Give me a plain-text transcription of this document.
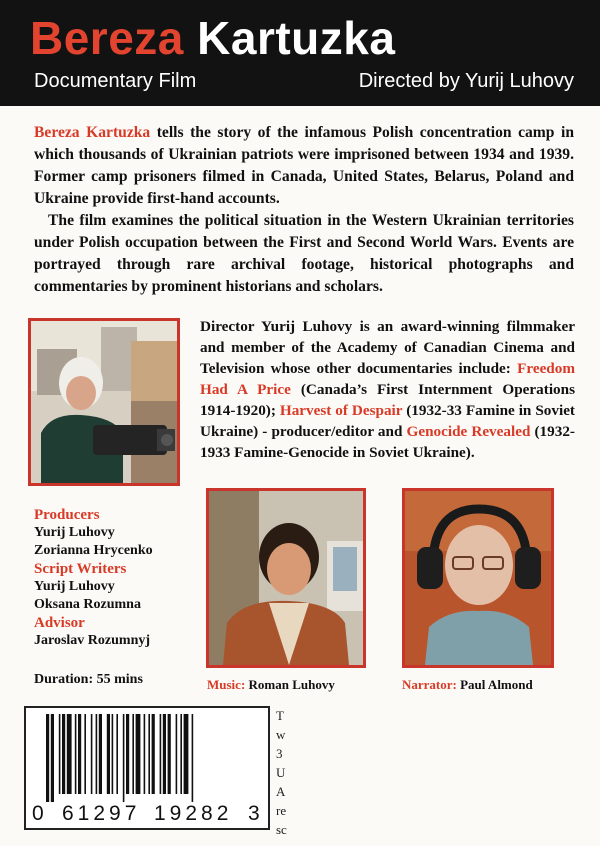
Bereza Kartuzka
Documentary Film	Directed by Yurij Luhovy
Bereza Kartuzka tells the story of the infamous Polish concentration camp in which thousands of Ukrainian patriots were imprisoned between 1934 and 1939. Former camp prisoners filmed in Canada, United States, Belarus, Poland and Ukraine provide first-hand accounts.
The film examines the political situation in the Western Ukrainian territories under Polish occupation between the First and Second World Wars. Events are portrayed through rare archival footage, historical photographs and commentaries by prominent historians and scholars.
Director Yurij Luhovy is an award-winning filmmaker and member of the Academy of Canadian Cinema and Television whose other documentaries include: Freedom Had A Price (Canada’s First Internment Operations 1914-1920); Harvest of Despair (1932-33 Famine in Soviet Ukraine) - producer/editor and Genocide Revealed (1932-1933 Famine-Genocide in Soviet Ukraine).
Producers
Yurij Luhovy
Zorianna Hrycenko
Script Writers
Yurij Luhovy
Oksana Rozumna
Advisor
Jaroslav Rozumnyj
Duration: 55 mins	Music: Roman Luhovy	Narrator: Paul Almond
0 61297 19282 3
T
w
3
U
A
re
sc
